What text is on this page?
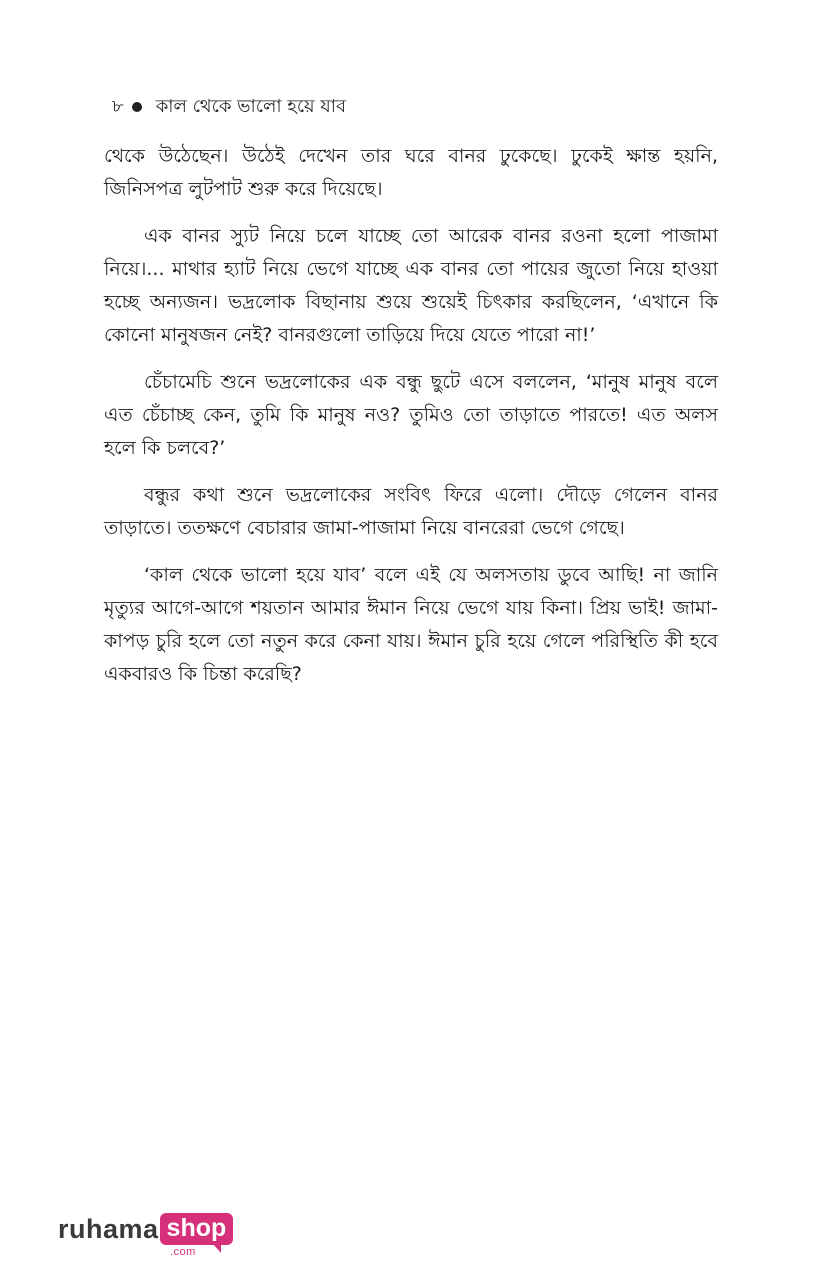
৮ কাল থেকে ভালো হয়ে যাব

থেকে উঠেছেন। উঠেই দেখেন তার ঘরে বানর ঢুকেছে। ঢুকেই ক্ষান্ত হয়নি, জিনিসপত্র লুটপাট শুরু করে দিয়েছে।

এক বানর স্যুট নিয়ে চলে যাচ্ছে তো আরেক বানর রওনা হলো পাজামা নিয়ে।... মাথার হ্যাট নিয়ে ভেগে যাচ্ছে এক বানর তো পায়ের জুতো নিয়ে হাওয়া হচ্ছে অন্যজন। ভদ্রলোক বিছানায় শুয়ে শুয়েই চিৎকার করছিলেন, ‘এখানে কি কোনো মানুষজন নেই? বানরগুলো তাড়িয়ে দিয়ে যেতে পারো না!’

চেঁচামেচি শুনে ভদ্রলোকের এক বন্ধু ছুটে এসে বললেন, ‘মানুষ মানুষ বলে এত চেঁচাচ্ছ কেন, তুমি কি মানুষ নও? তুমিও তো তাড়াতে পারতে! এত অলস হলে কি চলবে?’

বন্ধুর কথা শুনে ভদ্রলোকের সংবিৎ ফিরে এলো। দৌড়ে গেলেন বানর তাড়াতে। ততক্ষণে বেচারার জামা-পাজামা নিয়ে বানরেরা ভেগে গেছে।

‘কাল থেকে ভালো হয়ে যাব’ বলে এই যে অলসতায় ডুবে আছি! না জানি মৃত্যুর আগে-আগে শয়তান আমার ঈমান নিয়ে ভেগে যায় কিনা। প্রিয় ভাই! জামা-কাপড় চুরি হলে তো নতুন করে কেনা যায়। ঈমান চুরি হয়ে গেলে পরিস্থিতি কী হবে একবারও কি চিন্তা করেছি?

ruhama shop
.com
